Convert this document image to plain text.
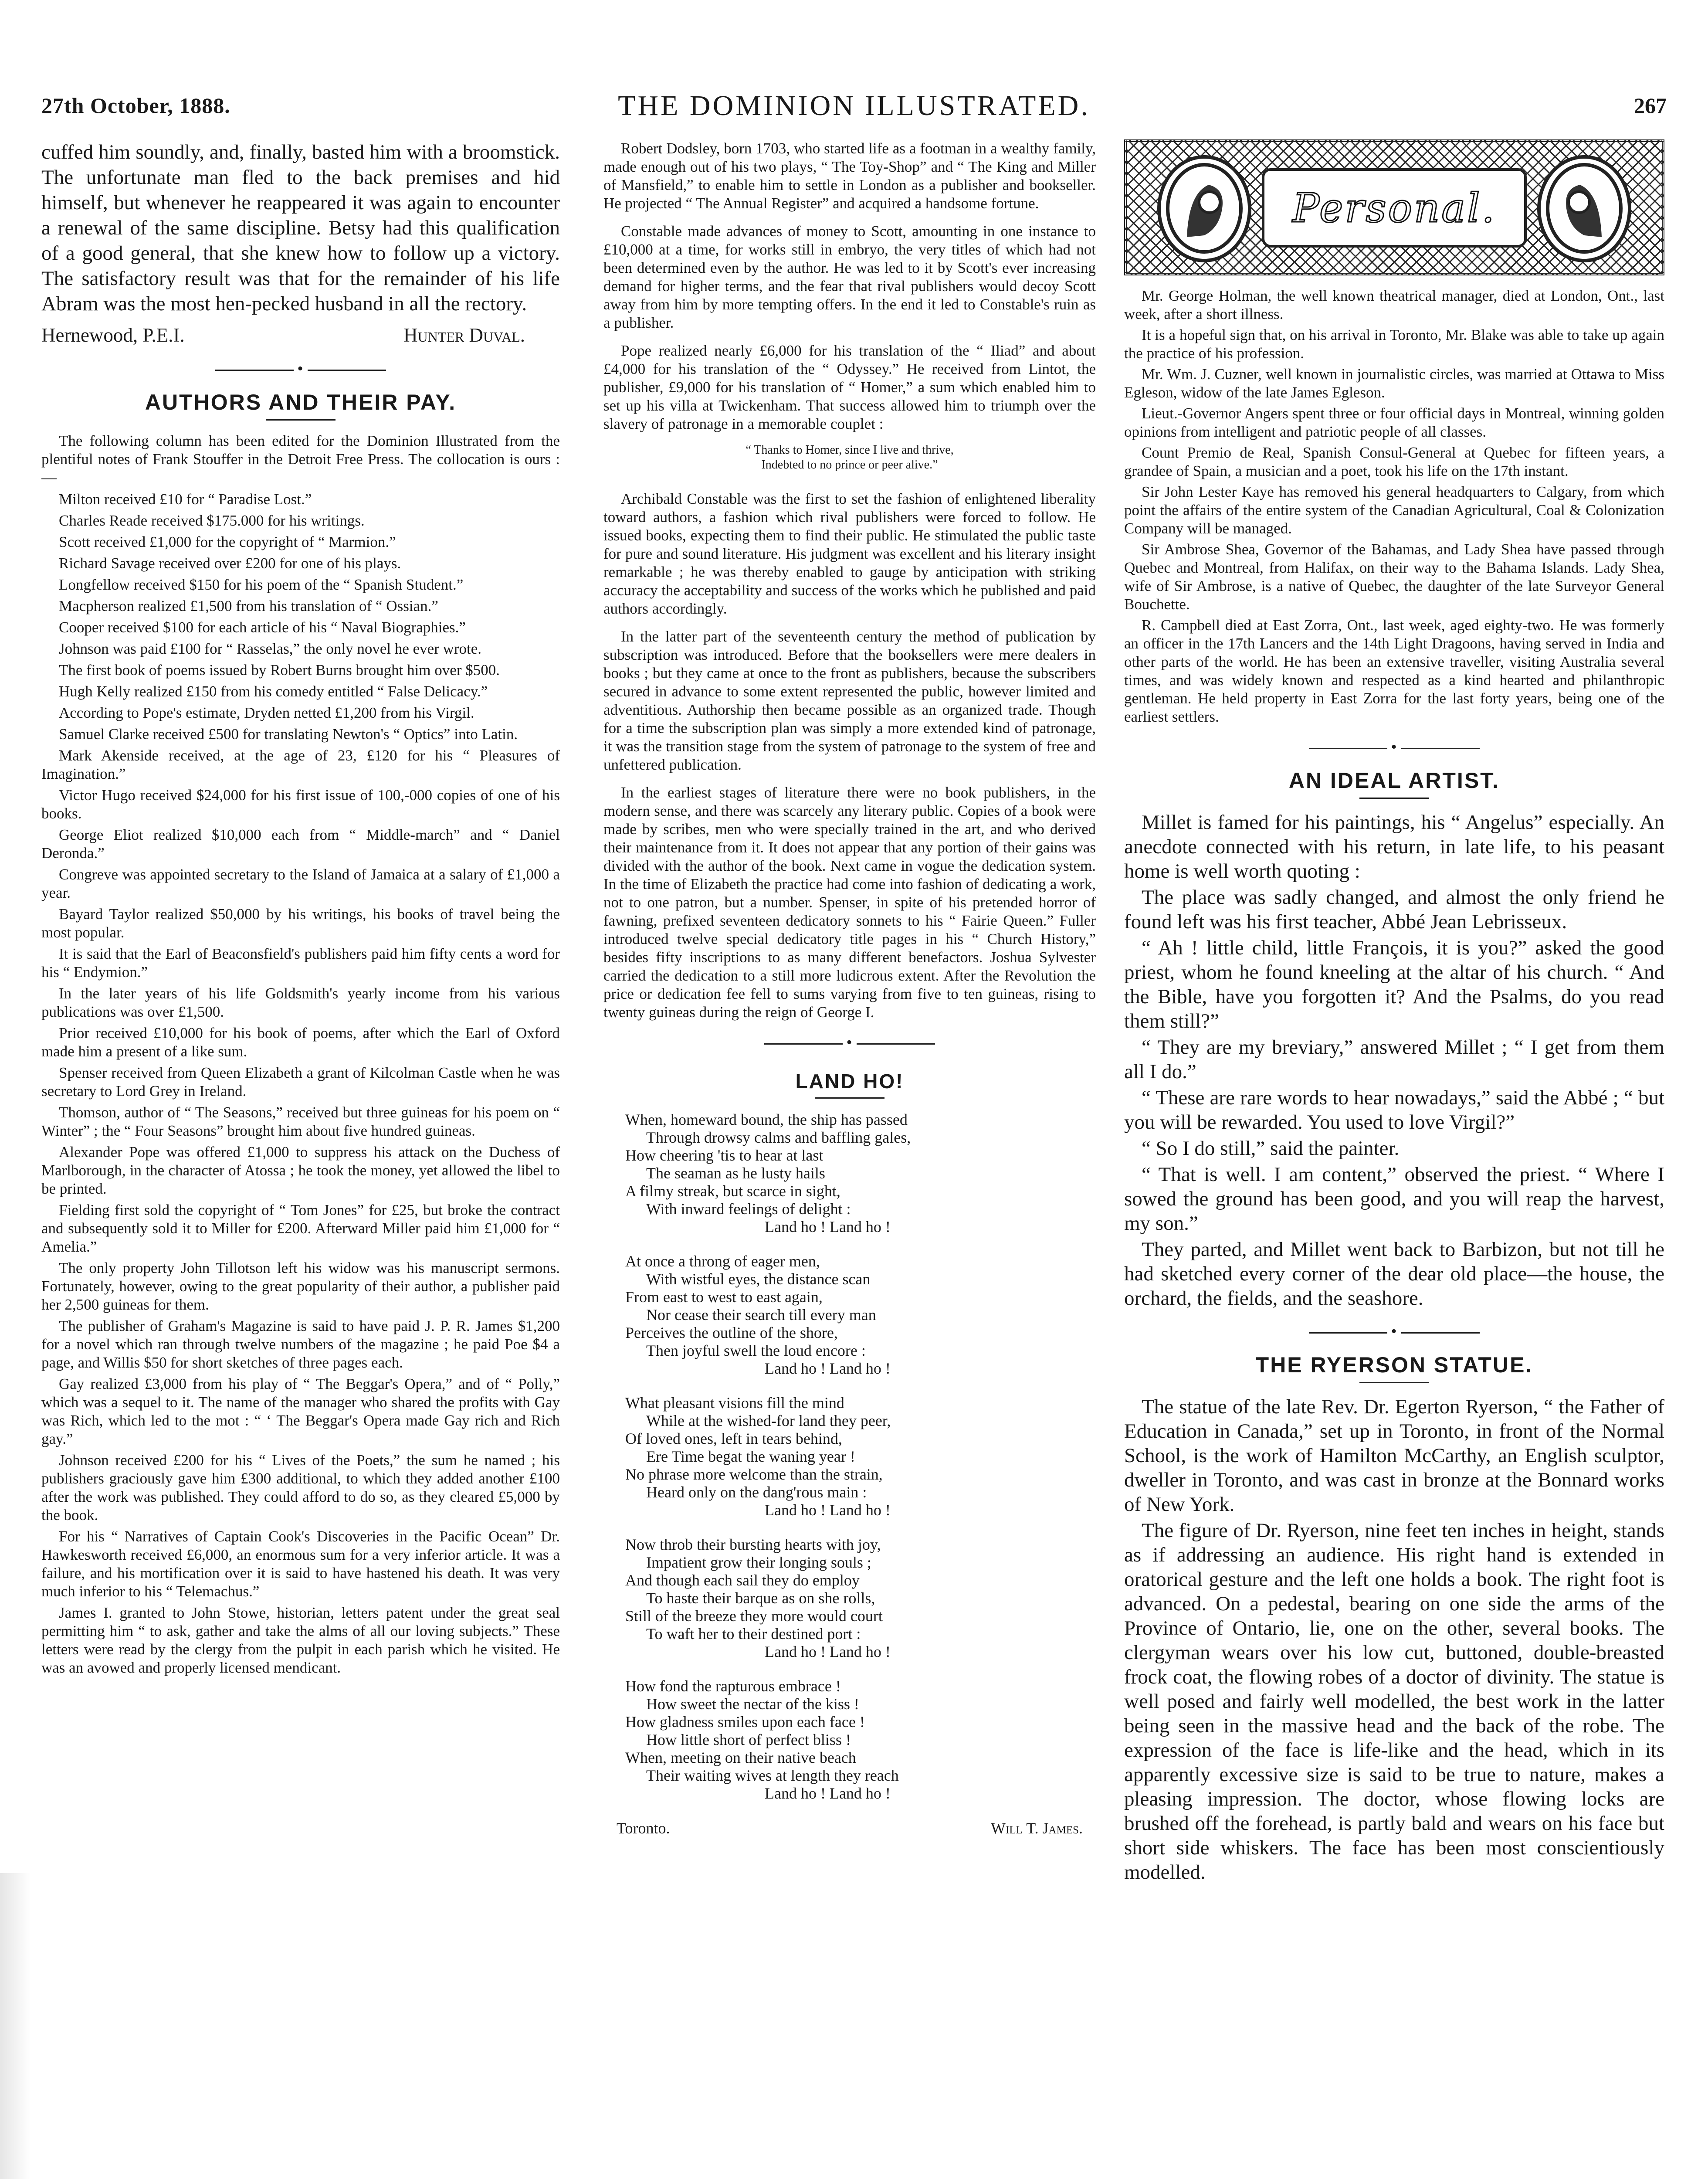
27th October, 1888.	THE DOMINION ILLUSTRATED.	267

cuffed him soundly, and, finally, basted him with a broomstick. The unfortunate man fled to the back premises and hid himself, but whenever he reappeared it was again to encounter a renewal of the same discipline. Betsy had this qualification of a good general, that she knew how to follow up a victory. The satisfactory result was that for the remainder of his life Abram was the most hen-pecked husband in all the rectory.

Hernewood, P.E.I.	Hunter Duval.
•
AUTHORS AND THEIR PAY.

The following column has been edited for the Dominion Illustrated from the plentiful notes of Frank Stouffer in the Detroit Free Press. The collocation is ours :—

Milton received £10 for “ Paradise Lost.”

Charles Reade received $175.000 for his writings.

Scott received £1,000 for the copyright of “ Marmion.”

Richard Savage received over £200 for one of his plays.

Longfellow received $150 for his poem of the “ Spanish Student.”

Macpherson realized £1,500 from his translation of “ Ossian.”

Cooper received $100 for each article of his “ Naval Biographies.”

Johnson was paid £100 for “ Rasselas,” the only novel he ever wrote.

The first book of poems issued by Robert Burns brought him over $500.

Hugh Kelly realized £150 from his comedy entitled “ False Delicacy.”

According to Pope's estimate, Dryden netted £1,200 from his Virgil.

Samuel Clarke received £500 for translating Newton's “ Optics” into Latin.

Mark Akenside received, at the age of 23, £120 for his “ Pleasures of Imagination.”

Victor Hugo received $24,000 for his first issue of 100,-000 copies of one of his books.

George Eliot realized $10,000 each from “ Middle-march” and “ Daniel Deronda.”

Congreve was appointed secretary to the Island of Jamaica at a salary of £1,000 a year.

Bayard Taylor realized $50,000 by his writings, his books of travel being the most popular.

It is said that the Earl of Beaconsfield's publishers paid him fifty cents a word for his “ Endymion.”

In the later years of his life Goldsmith's yearly income from his various publications was over £1,500.

Prior received £10,000 for his book of poems, after which the Earl of Oxford made him a present of a like sum.

Spenser received from Queen Elizabeth a grant of Kilcolman Castle when he was secretary to Lord Grey in Ireland.

Thomson, author of “ The Seasons,” received but three guineas for his poem on “ Winter” ; the “ Four Seasons” brought him about five hundred guineas.

Alexander Pope was offered £1,000 to suppress his attack on the Duchess of Marlborough, in the character of Atossa ; he took the money, yet allowed the libel to be printed.

Fielding first sold the copyright of “ Tom Jones” for £25, but broke the contract and subsequently sold it to Miller for £200. Afterward Miller paid him £1,000 for “ Amelia.”

The only property John Tillotson left his widow was his manuscript sermons. Fortunately, however, owing to the great popularity of their author, a publisher paid her 2,500 guineas for them.

The publisher of Graham's Magazine is said to have paid J. P. R. James $1,200 for a novel which ran through twelve numbers of the magazine ; he paid Poe $4 a page, and Willis $50 for short sketches of three pages each.

Gay realized £3,000 from his play of “ The Beggar's Opera,” and of “ Polly,” which was a sequel to it. The name of the manager who shared the profits with Gay was Rich, which led to the mot : “ ‘ The Beggar's Opera made Gay rich and Rich gay.”

Johnson received £200 for his “ Lives of the Poets,” the sum he named ; his publishers graciously gave him £300 additional, to which they added another £100 after the work was published. They could afford to do so, as they cleared £5,000 by the book.

For his “ Narratives of Captain Cook's Discoveries in the Pacific Ocean” Dr. Hawkesworth received £6,000, an enormous sum for a very inferior article. It was a failure, and his mortification over it is said to have hastened his death. It was very much inferior to his “ Telemachus.”

James I. granted to John Stowe, historian, letters patent under the great seal permitting him “ to ask, gather and take the alms of all our loving subjects.” These letters were read by the clergy from the pulpit in each parish which he visited. He was an avowed and properly licensed mendicant.

Robert Dodsley, born 1703, who started life as a footman in a wealthy family, made enough out of his two plays, “ The Toy-Shop” and “ The King and Miller of Mansfield,” to enable him to settle in London as a publisher and bookseller. He projected “ The Annual Register” and acquired a handsome fortune.

Constable made advances of money to Scott, amounting in one instance to £10,000 at a time, for works still in embryo, the very titles of which had not been determined even by the author. He was led to it by Scott's ever increasing demand for higher terms, and the fear that rival publishers would decoy Scott away from him by more tempting offers. In the end it led to Constable's ruin as a publisher.

Pope realized nearly £6,000 for his translation of the “ Iliad” and about £4,000 for his translation of the “ Odyssey.” He received from Lintot, the publisher, £9,000 for his translation of “ Homer,” a sum which enabled him to set up his villa at Twickenham. That success allowed him to triumph over the slavery of patronage in a memorable couplet :

“ Thanks to Homer, since I live and thrive,
Indebted to no prince or peer alive.”

Archibald Constable was the first to set the fashion of enlightened liberality toward authors, a fashion which rival publishers were forced to follow. He issued books, expecting them to find their public. He stimulated the public taste for pure and sound literature. His judgment was excellent and his literary insight remarkable ; he was thereby enabled to gauge by anticipation with striking accuracy the acceptability and success of the works which he published and paid authors accordingly.

In the latter part of the seventeenth century the method of publication by subscription was introduced. Before that the booksellers were mere dealers in books ; but they came at once to the front as publishers, because the subscribers secured in advance to some extent represented the public, however limited and adventitious. Authorship then became possible as an organized trade. Though for a time the subscription plan was simply a more extended kind of patronage, it was the transition stage from the system of patronage to the system of free and unfettered publication.

In the earliest stages of literature there were no book publishers, in the modern sense, and there was scarcely any literary public. Copies of a book were made by scribes, men who were specially trained in the art, and who derived their maintenance from it. It does not appear that any portion of their gains was divided with the author of the book. Next came in vogue the dedication system. In the time of Elizabeth the practice had come into fashion of dedicating a work, not to one patron, but a number. Spenser, in spite of his pretended horror of fawning, prefixed seventeen dedicatory sonnets to his “ Fairie Queen.” Fuller introduced twelve special dedicatory title pages in his “ Church History,” besides fifty inscriptions to as many different benefactors. Joshua Sylvester carried the dedication to a still more ludicrous extent. After the Revolution the price or dedication fee fell to sums varying from five to ten guineas, rising to twenty guineas during the reign of George I.

•
LAND HO!
When, homeward bound, the ship has passed
Through drowsy calms and baffling gales,
How cheering 'tis to hear at last
The seaman as he lusty hails
A filmy streak, but scarce in sight,
With inward feelings of delight :
Land ho ! Land ho !
At once a throng of eager men,
With wistful eyes, the distance scan
From east to west to east again,
Nor cease their search till every man
Perceives the outline of the shore,
Then joyful swell the loud encore :
Land ho ! Land ho !
What pleasant visions fill the mind
While at the wished-for land they peer,
Of loved ones, left in tears behind,
Ere Time begat the waning year !
No phrase more welcome than the strain,
Heard only on the dang'rous main :
Land ho ! Land ho !
Now throb their bursting hearts with joy,
Impatient grow their longing souls ;
And though each sail they do employ
To haste their barque as on she rolls,
Still of the breeze they more would court
To waft her to their destined port :
Land ho ! Land ho !
How fond the rapturous embrace !
How sweet the nectar of the kiss !
How gladness smiles upon each face !
How little short of perfect bliss !
When, meeting on their native beach
Their waiting wives at length they reach
Land ho ! Land ho !
Toronto.	Will T. James.
Personal.

Mr. George Holman, the well known theatrical manager, died at London, Ont., last week, after a short illness.

It is a hopeful sign that, on his arrival in Toronto, Mr. Blake was able to take up again the practice of his profession.

Mr. Wm. J. Cuzner, well known in journalistic circles, was married at Ottawa to Miss Egleson, widow of the late James Egleson.

Lieut.-Governor Angers spent three or four official days in Montreal, winning golden opinions from intelligent and patriotic people of all classes.

Count Premio de Real, Spanish Consul-General at Quebec for fifteen years, a grandee of Spain, a musician and a poet, took his life on the 17th instant.

Sir John Lester Kaye has removed his general headquarters to Calgary, from which point the affairs of the entire system of the Canadian Agricultural, Coal & Colonization Company will be managed.

Sir Ambrose Shea, Governor of the Bahamas, and Lady Shea have passed through Quebec and Montreal, from Halifax, on their way to the Bahama Islands. Lady Shea, wife of Sir Ambrose, is a native of Quebec, the daughter of the late Surveyor General Bouchette.

R. Campbell died at East Zorra, Ont., last week, aged eighty-two. He was formerly an officer in the 17th Lancers and the 14th Light Dragoons, having served in India and other parts of the world. He has been an extensive traveller, visiting Australia several times, and was widely known and respected as a kind hearted and philanthropic gentleman. He held property in East Zorra for the last forty years, being one of the earliest settlers.

•
AN IDEAL ARTIST.

Millet is famed for his paintings, his “ Angelus” especially. An anecdote connected with his return, in late life, to his peasant home is well worth quoting :

The place was sadly changed, and almost the only friend he found left was his first teacher, Abbé Jean Lebrisseux.

“ Ah ! little child, little François, it is you?” asked the good priest, whom he found kneeling at the altar of his church. “ And the Bible, have you forgotten it? And the Psalms, do you read them still?”

“ They are my breviary,” answered Millet ; “ I get from them all I do.”

“ These are rare words to hear nowadays,” said the Abbé ; “ but you will be rewarded. You used to love Virgil?”

“ So I do still,” said the painter.

“ That is well. I am content,” observed the priest. “ Where I sowed the ground has been good, and you will reap the harvest, my son.”

They parted, and Millet went back to Barbizon, but not till he had sketched every corner of the dear old place—the house, the orchard, the fields, and the seashore.

•
THE RYERSON STATUE.

The statue of the late Rev. Dr. Egerton Ryerson, “ the Father of Education in Canada,” set up in Toronto, in front of the Normal School, is the work of Hamilton McCarthy, an English sculptor, dweller in Toronto, and was cast in bronze at the Bonnard works of New York.

The figure of Dr. Ryerson, nine feet ten inches in height, stands as if addressing an audience. His right hand is extended in oratorical gesture and the left one holds a book. The right foot is advanced. On a pedestal, bearing on one side the arms of the Province of Ontario, lie, one on the other, several books. The clergyman wears over his low cut, buttoned, double-breasted frock coat, the flowing robes of a doctor of divinity. The statue is well posed and fairly well modelled, the best work in the latter being seen in the massive head and the back of the robe. The expression of the face is life-like and the head, which in its apparently excessive size is said to be true to nature, makes a pleasing impression. The doctor, whose flowing locks are brushed off the forehead, is partly bald and wears on his face but short side whiskers. The face has been most conscientiously modelled.
